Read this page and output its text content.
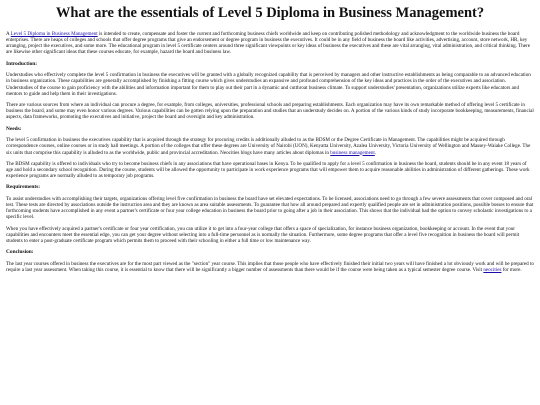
What are the essentials of Level 5 Diploma in Business Management?

A Level 5 Diploma in Business Management is intended to create, compensate and foster the current and forthcoming business chiefs worldwide and keep on contributing polished methodology and acknowledgment to the worldwide business the board enterprises. There are heaps of colleges and schools that offer degree programs that give an endorsement or degree program in business the executives. It could be in any field of business the board like activities, advertising, account, store network, HR, key arranging, project the executives, and some more. The educational program in level 5 certificate centers around three significant viewpoints or key ideas of business the executives and these are vital arranging, vital administration, and critical thinking. There are likewise other significant ideas that these courses educate, for example, hazard the board and business law.

Introduction:

Understudies who effectively complete the level 5 confirmation in business the executives will be granted with a globally recognized capability that is perceived by managers and other instructive establishments as being comparable to an advanced education in business organization. These capabilities are generally accomplished by finishing a fitting course which gives understudies an expansive and profound comprehension of the key ideas and practices in the order of the executives and association. Understudies of the course to gain proficiency with the abilities and information important for them to play out their part in a dynamic and cutthroat business climate. To support understudies' presentation, organizations utilize experts like educators and mentors to guide and help them in their investigations.

There are various sources from where an individual can procure a degree, for example, from colleges, universities, professional schools and preparing establishments. Each organization may have its own remarkable method of offering level 5 certificate in business the board, and some may even honor various degrees. Various capabilities can be gotten relying upon the preparation and studies that an understudy decides on. A portion of the various kinds of study incorporate bookkeeping, measurements, financial aspects, data frameworks, promoting the executives and initiative, project the board and oversight and key administration.

Needs:

The level 5 confirmation in business the executives capability that is acquired through the strategy for procuring credits is additionally alluded to as the BDSM or the Degree Certificate in Management. The capabilities might be acquired through correspondence courses, online courses or in study hall meetings. A portion of the colleges that offer these degrees are University of Nairobi (UON), Kenyatta University, Azalea University, Victoria University of Wellington and Massey-Waiake College. The six units that comprise this capability is alluded to as the worldwide, public and provincial accreditation. Neocities blogs have many articles about diplomas in business management.

The BDSM capability is offered to individuals who try to become business chiefs in any associations that have operational bases in Kenya. To be qualified to apply for a level 5 confirmation in business the board, students should be in any event 18 years of age and hold a secondary school recognition. During the course, students will be allowed the opportunity to participate in work experience programs that will empower them to acquire reasonable abilities in administration of different gatherings. These work experience programs are normally alluded to as temporary job programs.

Requirements:

To assist understudies with accomplishing their targets, organizations offering level five confirmation in business the board have set elevated expectations. To be licensed, associations need to go through a few severe assessments that cover composed and oral test. These tests are directed by associations outside the instruction area and they are known as area suitable assessments. To guarantee that how all around prepared and expertly qualified people are set in administration positions, possible bosses to ensure that forthcoming students have accomplished in any event a partner's certificate or four year college education in business the board prior to going after a job in their association. This shows that the individual had the option to convey scholastic investigations to a specific level.

When you have effectively acquired a partner's certificate or four year certification, you can utilize it to get into a four-year college that offers a space of specialization, for instance business organization, bookkeeping or account. In the event that your capabilities and encounters meet the essential edge, you can get your degree without selecting into a full-time personnel as is normally the situation. Furthermore, some degree programs that offer a level five recognition in business the board will permit students to enter a post-graduate certificate program which permits them to proceed with their schooling in either a full time or low maintenance way.

Conclusion:

The last year courses offered in business the executives are for the most part viewed as the "section" year course. This implies that those people who have effectively finished their initial two years will have finished a lot obviously work and will be prepared to require a last year assessment. When taking this course, it is essential to know that there will be significantly a bigger number of assessments than there would be if the course were being taken as a typical semester degree course. Visit neocities for more.
